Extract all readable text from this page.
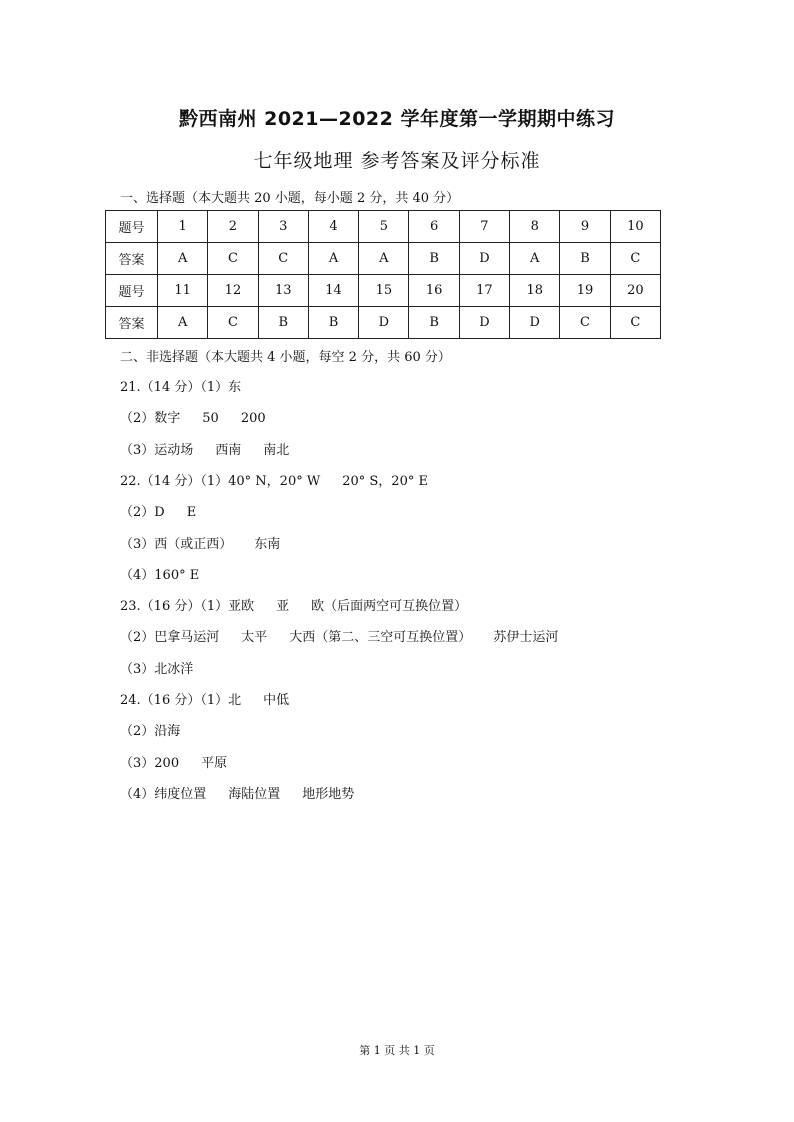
黔西南州 2021—2022 学年度第一学期期中练习
七年级地理 参考答案及评分标准
一、选择题（本大题共 20 小题，每小题 2 分，共 40 分）
题号	1	2	3	4	5	6	7	8	9	10
答案	A	C	C	A	A	B	D	A	B	C
题号	11	12	13	14	15	16	17	18	19	20
答案	A	C	B	B	D	B	D	D	C	C
二、非选择题（本大题共 4 小题，每空 2 分，共 60 分）
21.（14 分）（1）东
（2）数字 50 200
（3）运动场 西南 南北
22.（14 分）（1）40° N，20° W 20° S，20° E
（2）D E
（3）西（或正西） 东南
（4）160° E
23.（16 分）（1）亚欧 亚 欧（后面两空可互换位置）
（2）巴拿马运河 太平 大西（第二、三空可互换位置） 苏伊士运河
（3）北冰洋
24.（16 分）（1）北 中低
（2）沿海
（3）200 平原
（4）纬度位置 海陆位置 地形地势
第 1 页 共 1 页
